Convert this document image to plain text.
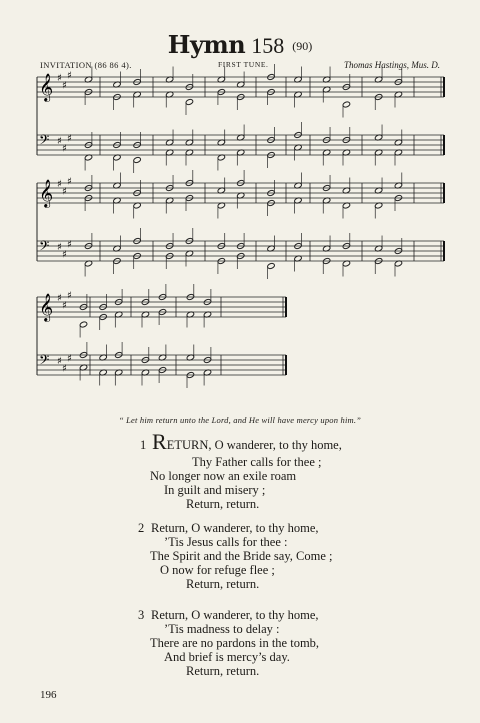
Hymn 158 (90)
INVITATION (86 86 4).	FIRST TUNE.	Thomas Hastings, Mus. D.
𝄞 ♯
♯
♯
𝄢 ♯
♯
♯
𝄞 ♯
♯
♯
𝄢 ♯
♯
♯
𝄞 ♯
♯
♯
𝄢 ♯
♯
♯
“ Let him return unto the Lord, and He will have mercy upon him.”
1 RETURN, O wanderer, to thy home,
Thy Father calls for thee ;
No longer now an exile roam
In guilt and misery ;
Return, return.
2 Return, O wanderer, to thy home,
’Tis Jesus calls for thee :
The Spirit and the Bride say, Come ;
O now for refuge flee ;
Return, return.
3 Return, O wanderer, to thy home,
’Tis madness to delay :
There are no pardons in the tomb,
And brief is mercy’s day.
Return, return.
196
